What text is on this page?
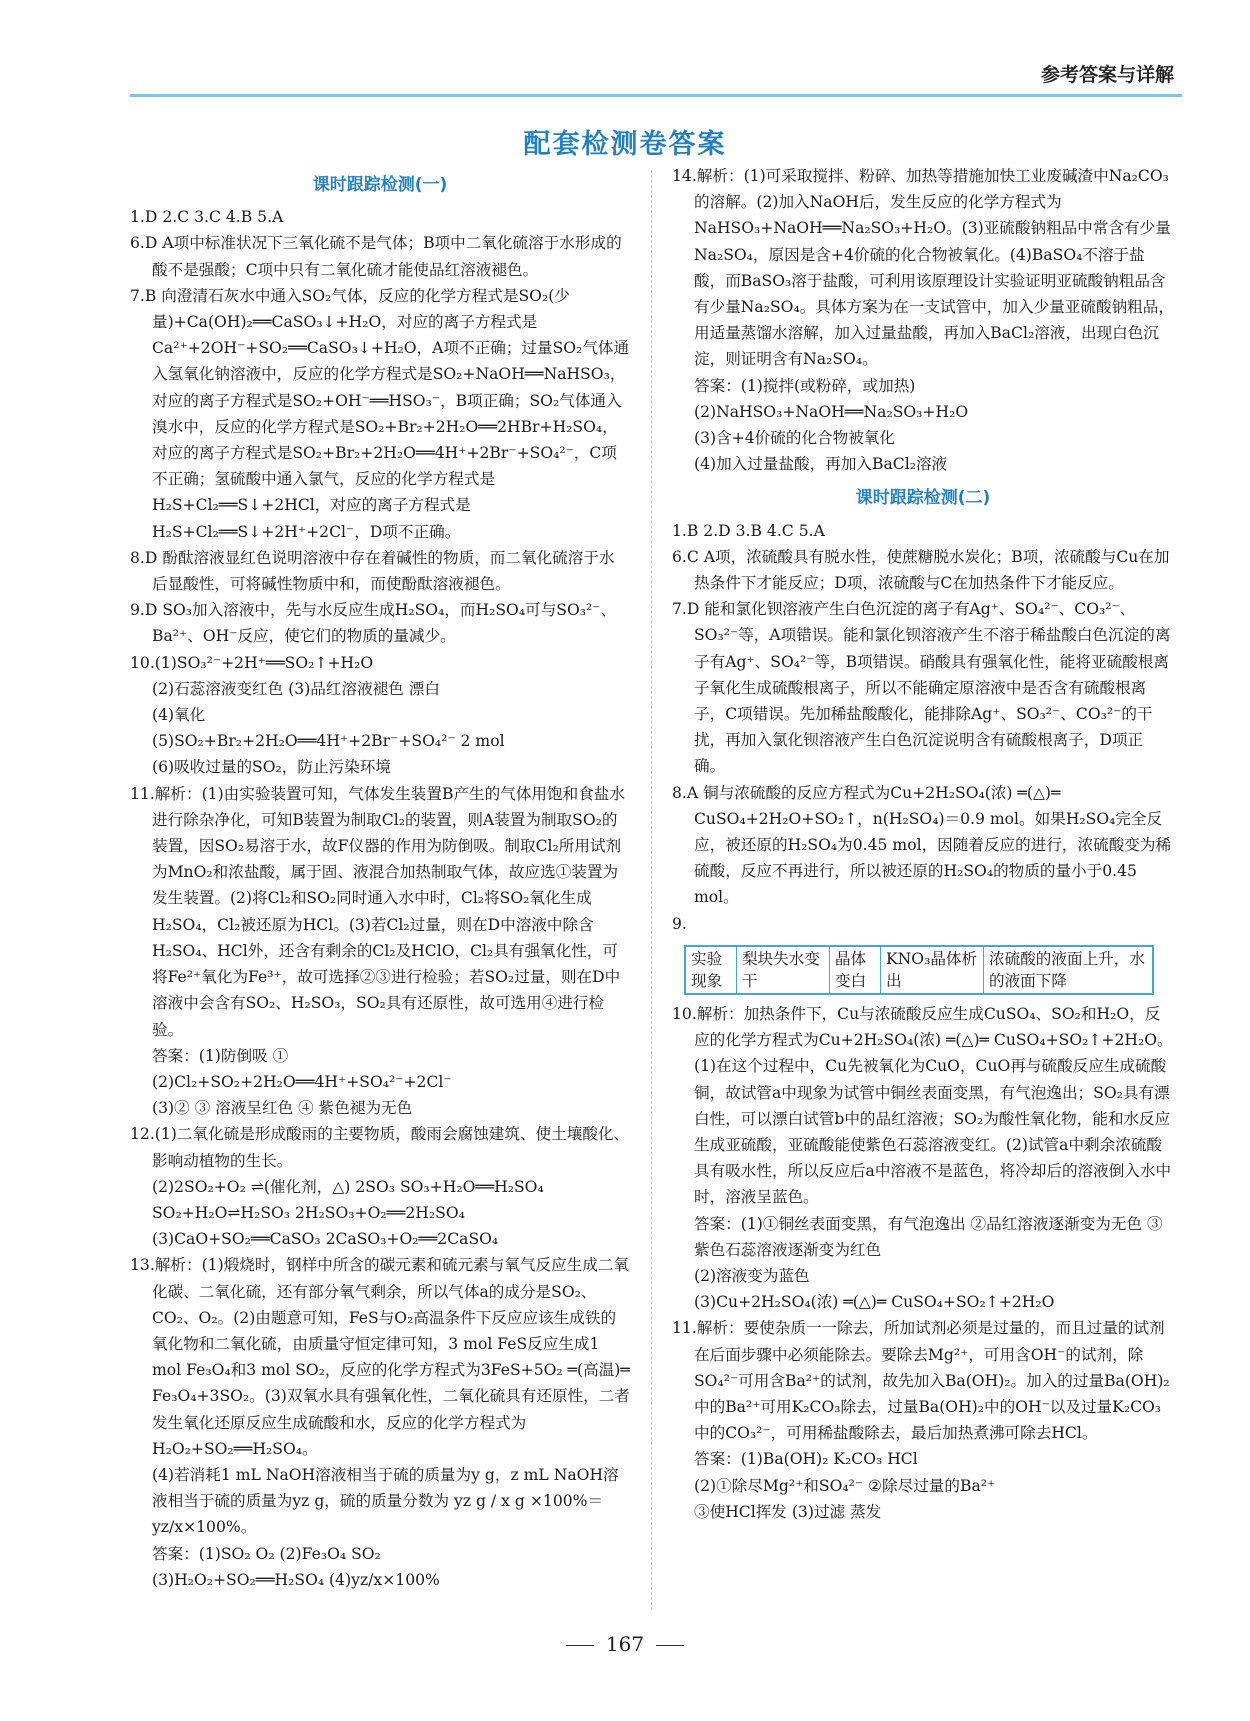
参考答案与详解
配套检测卷答案
课时跟踪检测(一)

1.D 2.C 3.C 4.B 5.A

6.D A项中标准状况下三氧化硫不是气体；B项中二氧化硫溶于水形成的酸不是强酸；C项中只有二氧化硫才能使品红溶液褪色。

7.B 向澄清石灰水中通入SO₂气体，反应的化学方程式是SO₂(少量)+Ca(OH)₂══CaSO₃↓+H₂O，对应的离子方程式是Ca²⁺+2OH⁻+SO₂══CaSO₃↓+H₂O，A项不正确；过量SO₂气体通入氢氧化钠溶液中，反应的化学方程式是SO₂+NaOH══NaHSO₃，对应的离子方程式是SO₂+OH⁻══HSO₃⁻，B项正确；SO₂气体通入溴水中，反应的化学方程式是SO₂+Br₂+2H₂O══2HBr+H₂SO₄，对应的离子方程式是SO₂+Br₂+2H₂O══4H⁺+2Br⁻+SO₄²⁻，C项不正确；氢硫酸中通入氯气，反应的化学方程式是H₂S+Cl₂══S↓+2HCl，对应的离子方程式是H₂S+Cl₂══S↓+2H⁺+2Cl⁻，D项不正确。

8.D 酚酞溶液显红色说明溶液中存在着碱性的物质，而二氧化硫溶于水后显酸性，可将碱性物质中和，而使酚酞溶液褪色。

9.D SO₃加入溶液中，先与水反应生成H₂SO₄，而H₂SO₄可与SO₃²⁻、Ba²⁺、OH⁻反应，使它们的物质的量减少。

10.(1)SO₃²⁻+2H⁺══SO₂↑+H₂O

(2)石蕊溶液变红色 (3)品红溶液褪色 漂白

(4)氧化

(5)SO₂+Br₂+2H₂O══4H⁺+2Br⁻+SO₄²⁻ 2 mol

(6)吸收过量的SO₂，防止污染环境

11.解析：(1)由实验装置可知，气体发生装置B产生的气体用饱和食盐水进行除杂净化，可知B装置为制取Cl₂的装置，则A装置为制取SO₂的装置，因SO₂易溶于水，故F仪器的作用为防倒吸。制取Cl₂所用试剂为MnO₂和浓盐酸，属于固、液混合加热制取气体，故应选①装置为发生装置。(2)将Cl₂和SO₂同时通入水中时，Cl₂将SO₂氧化生成H₂SO₄，Cl₂被还原为HCl。(3)若Cl₂过量，则在D中溶液中除含H₂SO₄、HCl外，还含有剩余的Cl₂及HClO，Cl₂具有强氧化性，可将Fe²⁺氧化为Fe³⁺，故可选择②③进行检验；若SO₂过量，则在D中溶液中会含有SO₂、H₂SO₃，SO₂具有还原性，故可选用④进行检验。

答案：(1)防倒吸 ①

(2)Cl₂+SO₂+2H₂O══4H⁺+SO₄²⁻+2Cl⁻

(3)② ③ 溶液呈红色 ④ 紫色褪为无色

12.(1)二氧化硫是形成酸雨的主要物质，酸雨会腐蚀建筑、使土壤酸化、影响动植物的生长。

(2)2SO₂+O₂ ⇌(催化剂，△) 2SO₃ SO₃+H₂O══H₂SO₄

SO₂+H₂O⇌H₂SO₃ 2H₂SO₃+O₂══2H₂SO₄

(3)CaO+SO₂══CaSO₃ 2CaSO₃+O₂══2CaSO₄

13.解析：(1)煅烧时，钢样中所含的碳元素和硫元素与氧气反应生成二氧化碳、二氧化硫，还有部分氧气剩余，所以气体a的成分是SO₂、CO₂、O₂。(2)由题意可知，FeS与O₂高温条件下反应应该生成铁的氧化物和二氧化硫，由质量守恒定律可知，3 mol FeS反应生成1 mol Fe₃O₄和3 mol SO₂，反应的化学方程式为3FeS+5O₂ ═(高温)═ Fe₃O₄+3SO₂。(3)双氧水具有强氧化性，二氧化硫具有还原性，二者发生氧化还原反应生成硫酸和水，反应的化学方程式为H₂O₂+SO₂══H₂SO₄。

(4)若消耗1 mL NaOH溶液相当于硫的质量为y g，z mL NaOH溶液相当于硫的质量为yz g，硫的质量分数为 yz g / x g ×100%＝yz/x×100%。

答案：(1)SO₂ O₂ (2)Fe₃O₄ SO₂

(3)H₂O₂+SO₂══H₂SO₄ (4)yz/x×100%

14.解析：(1)可采取搅拌、粉碎、加热等措施加快工业废碱渣中Na₂CO₃的溶解。(2)加入NaOH后，发生反应的化学方程式为NaHSO₃+NaOH══Na₂SO₃+H₂O。(3)亚硫酸钠粗品中常含有少量Na₂SO₄，原因是含+4价硫的化合物被氧化。(4)BaSO₄不溶于盐酸，而BaSO₃溶于盐酸，可利用该原理设计实验证明亚硫酸钠粗品含有少量Na₂SO₄。具体方案为在一支试管中，加入少量亚硫酸钠粗品，用适量蒸馏水溶解，加入过量盐酸，再加入BaCl₂溶液，出现白色沉淀，则证明含有Na₂SO₄。

答案：(1)搅拌(或粉碎，或加热)

(2)NaHSO₃+NaOH══Na₂SO₃+H₂O

(3)含+4价硫的化合物被氧化

(4)加入过量盐酸，再加入BaCl₂溶液

课时跟踪检测(二)

1.B 2.D 3.B 4.C 5.A

6.C A项，浓硫酸具有脱水性，使蔗糖脱水炭化；B项，浓硫酸与Cu在加热条件下才能反应；D项，浓硫酸与C在加热条件下才能反应。

7.D 能和氯化钡溶液产生白色沉淀的离子有Ag⁺、SO₄²⁻、CO₃²⁻、SO₃²⁻等，A项错误。能和氯化钡溶液产生不溶于稀盐酸白色沉淀的离子有Ag⁺、SO₄²⁻等，B项错误。硝酸具有强氧化性，能将亚硫酸根离子氧化生成硫酸根离子，所以不能确定原溶液中是否含有硫酸根离子，C项错误。先加稀盐酸酸化，能排除Ag⁺、SO₃²⁻、CO₃²⁻的干扰，再加入氯化钡溶液产生白色沉淀说明含有硫酸根离子，D项正确。

8.A 铜与浓硫酸的反应方程式为Cu+2H₂SO₄(浓) ═(△)═ CuSO₄+2H₂O+SO₂↑，n(H₂SO₄)＝0.9 mol。如果H₂SO₄完全反应，被还原的H₂SO₄为0.45 mol，因随着反应的进行，浓硫酸变为稀硫酸，反应不再进行，所以被还原的H₂SO₄的物质的量小于0.45 mol。

9.

实验现象	梨块失水变干	晶体变白	KNO₃晶体析出	浓硫酸的液面上升，水的液面下降

10.解析：加热条件下，Cu与浓硫酸反应生成CuSO₄、SO₂和H₂O，反应的化学方程式为Cu+2H₂SO₄(浓) ═(△)═ CuSO₄+SO₂↑+2H₂O。(1)在这个过程中，Cu先被氧化为CuO，CuO再与硫酸反应生成硫酸铜，故试管a中现象为试管中铜丝表面变黑，有气泡逸出；SO₂具有漂白性，可以漂白试管b中的品红溶液；SO₂为酸性氧化物，能和水反应生成亚硫酸，亚硫酸能使紫色石蕊溶液变红。(2)试管a中剩余浓硫酸具有吸水性，所以反应后a中溶液不是蓝色，将冷却后的溶液倒入水中时，溶液呈蓝色。

答案：(1)①铜丝表面变黑，有气泡逸出 ②品红溶液逐渐变为无色 ③紫色石蕊溶液逐渐变为红色

(2)溶液变为蓝色

(3)Cu+2H₂SO₄(浓) ═(△)═ CuSO₄+SO₂↑+2H₂O

11.解析：要使杂质一一除去，所加试剂必须是过量的，而且过量的试剂在后面步骤中必须能除去。要除去Mg²⁺，可用含OH⁻的试剂，除SO₄²⁻可用含Ba²⁺的试剂，故先加入Ba(OH)₂。加入的过量Ba(OH)₂中的Ba²⁺可用K₂CO₃除去，过量Ba(OH)₂中的OH⁻以及过量K₂CO₃中的CO₃²⁻，可用稀盐酸除去，最后加热煮沸可除去HCl。

答案：(1)Ba(OH)₂ K₂CO₃ HCl

(2)①除尽Mg²⁺和SO₄²⁻ ②除尽过量的Ba²⁺

③使HCl挥发 (3)过滤 蒸发

167
